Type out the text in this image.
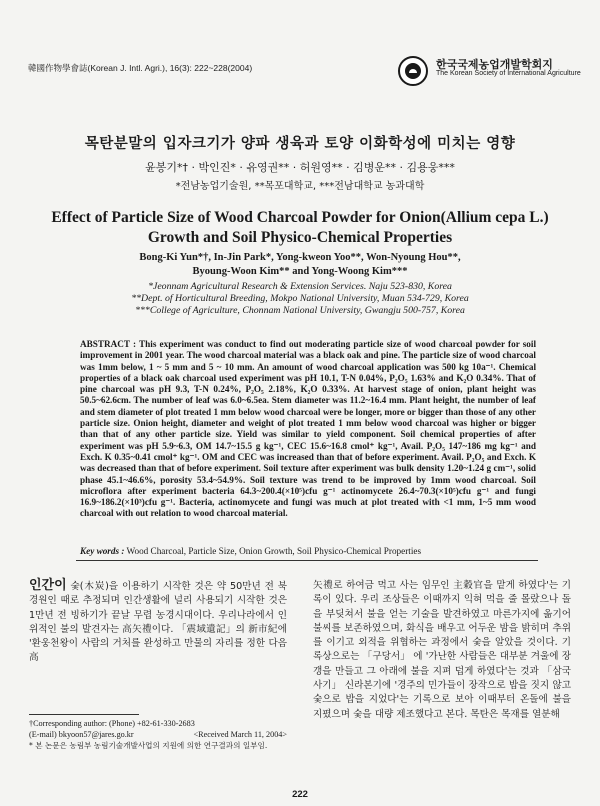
韓國作物學會誌(Korean J. Intl. Agri.), 16(3): 222~228(2004)	한국국제농업개발학회지
The Korean Society of International Agriculture
목탄분말의 입자크기가 양파 생육과 토양 이화학성에 미치는 영향
윤봉기*† · 박인진* · 유영권** · 허원영** · 김병운** · 김용웅***
*전남농업기술원, **목포대학교, ***전남대학교 농과대학
Effect of Particle Size of Wood Charcoal Powder for Onion(Allium cepa L.)
Growth and Soil Physico-Chemical Properties
Bong-Ki Yun*†, In-Jin Park*, Yong-kweon Yoo**, Won-Nyoung Hou**,
Byoung-Woon Kim** and Yong-Woong Kim***
*Jeonnam Agricultural Research & Extension Services. Naju 523-830, Korea
**Dept. of Horticultural Breeding, Mokpo National University, Muan 534-729, Korea
***College of Agriculture, Chonnam National University, Gwangju 500-757, Korea
ABSTRACT : This experiment was conduct to find out moderating particle size of wood charcoal powder for soil improvement in 2001 year. The wood charcoal material was a black oak and pine. The particle size of wood charcoal was 1mm below, 1 ~ 5 mm and 5 ~ 10 mm. An amount of wood charcoal application was 500 kg 10a⁻¹. Chemical properties of a black oak charcoal used experiment was pH 10.1, T-N 0.04%, P₂O₅ 1.63% and K₂O 0.34%. That of pine charcoal was pH 9.3, T-N 0.24%, P₂O₅ 2.18%, K₂O 0.33%. At harvest stage of onion, plant height was 50.5~62.6cm. The number of leaf was 6.0~6.5ea. Stem diameter was 11.2~16.4 mm. Plant height, the number of leaf and stem diameter of plot treated 1 mm below wood charcoal were be longer, more or bigger than those of any other particle size. Onion height, diameter and weight of plot treated 1 mm below wood charcoal was higher or bigger than that of any other particle size. Yield was similar to yield component. Soil chemical properties of after experiment was pH 5.9~6.3, OM 14.7~15.5 g kg⁻¹, CEC 15.6~16.8 cmol⁺ kg⁻¹, Avail. P₂O₅ 147~186 mg kg⁻¹ and Exch. K 0.35~0.41 cmol⁺ kg⁻¹. OM and CEC was increased than that of before experiment. Avail. P₂O₅ and Exch. K was decreased than that of before experiment. Soil texture after experiment was bulk density 1.20~1.24 g cm⁻¹, solid phase 45.1~46.6%, porosity 53.4~54.9%. Soil texture was trend to be improved by 1mm wood charcoal. Soil microflora after experiment bacteria 64.3~200.4(×10⁵)cfu g⁻¹ actinomycete 26.4~70.3(×10⁵)cfu g⁻¹ and fungi 16.9~186.2(×10³)cfu g⁻¹. Bacteria, actinomycete and fungi was much at plot treated with <1 mm, 1~5 mm wood charcoal with out relation to wood charcoal material.
Key words : Wood Charcoal, Particle Size, Onion Growth, Soil Physico-Chemical Properties
인간이 숯(木炭)을 이용하기 시작한 것은 약 50만년 전 북경원인 때로 추정되며 인간생활에 널리 사용되기 시작한 것은 1만년 전 빙하기가 끝날 무렵 농경시대이다. 우리나라에서 인위적인 불의 발견자는 高矢禮이다. 「震域遺記」의 新市紀에 '환웅천왕이 사람의 거처를 완성하고 만물의 자리를 정한 다음 高
矢禮로 하여금 먹고 사는 임무인 主穀官을 맡게 하였다'는 기록이 있다. 우리 조상들은 이때까지 익혀 먹을 줄 몰랐으나 돌을 부딪쳐서 불을 얻는 기술을 발견하였고 마른가지에 옮기어 불씨를 보존하였으며, 화식을 배우고 어두운 밤을 밝히며 추위를 이기고 외적을 위협하는 과정에서 숯을 알았을 것이다. 기록상으로는 「구당서」 에 '가난한 사람들은 대부분 겨울에 장갱을 만들고 그 아래에 불을 지펴 덥게 하였다'는 것과 「삼국사기」 신라본기에 '경주의 민가들이 장작으로 밥을 짓지 않고 숯으로 밥을 지었다'는 기록으로 보아 이때부터 온돌에 불을 지폈으며 숯을 대량 제조했다고 본다. 목탄은 목재를 열분해
†Corresponding author: (Phone) +82-61-330-2683
(E-mail) bkyoon57@jares.go.kr	<Received March 11, 2004>
* 본 논문은 농림부 농림기술개발사업의 지원에 의한 연구결과의 일부임.
222
